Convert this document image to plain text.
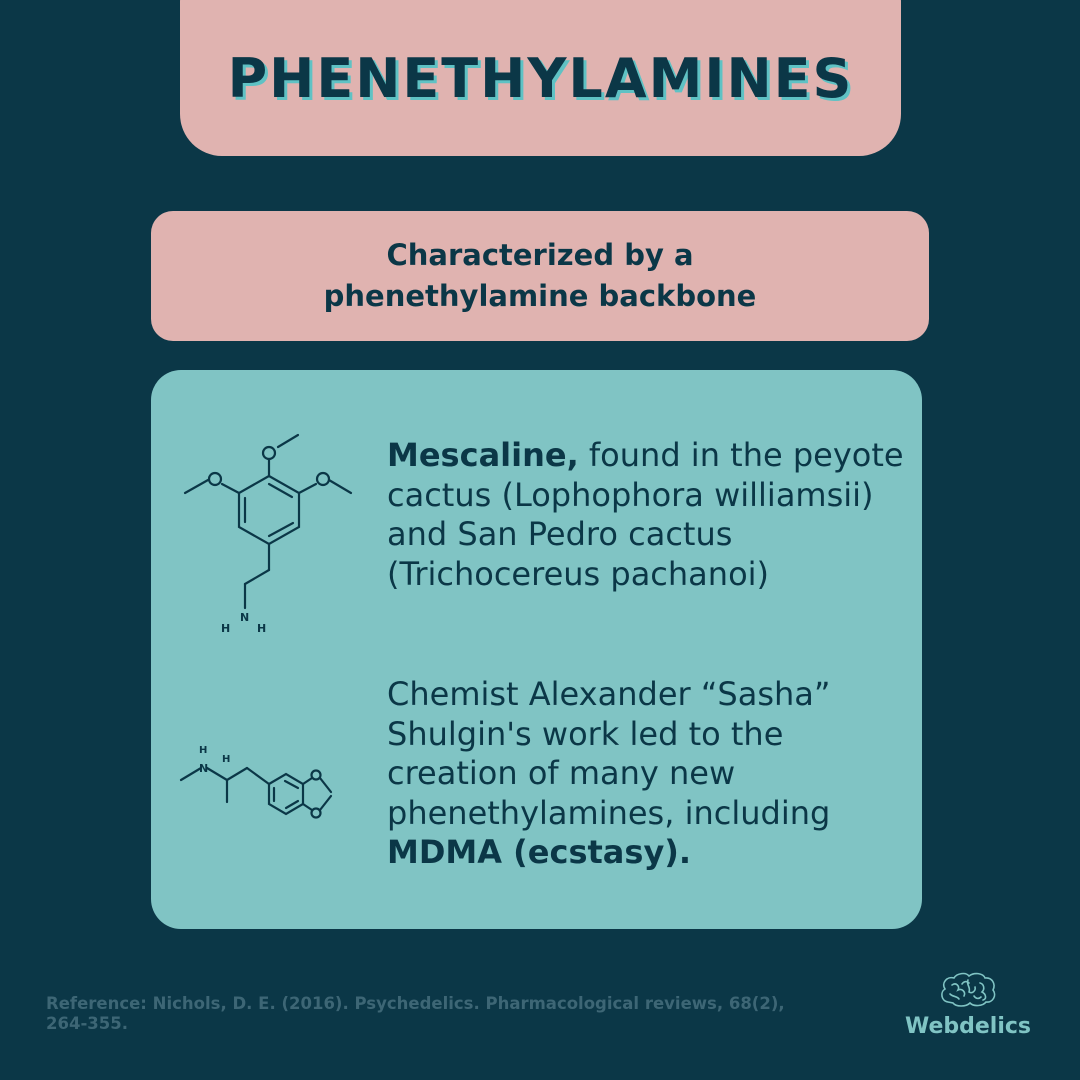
PHENETHYLAMINES
Characterized by a
phenethylamine backbone
H
N
H

Mescaline, found in the peyote cactus (Lophophora williamsii) and San Pedro cactus (Trichocereus pachanoi)

H
N
H

Chemist Alexander “Sasha” Shulgin's work led to the creation of many new phenethylamines, including MDMA (ecstasy).

Reference: Nichols, D. E. (2016). Psychedelics. Pharmacological reviews, 68(2), 264-355.	Webdelics
